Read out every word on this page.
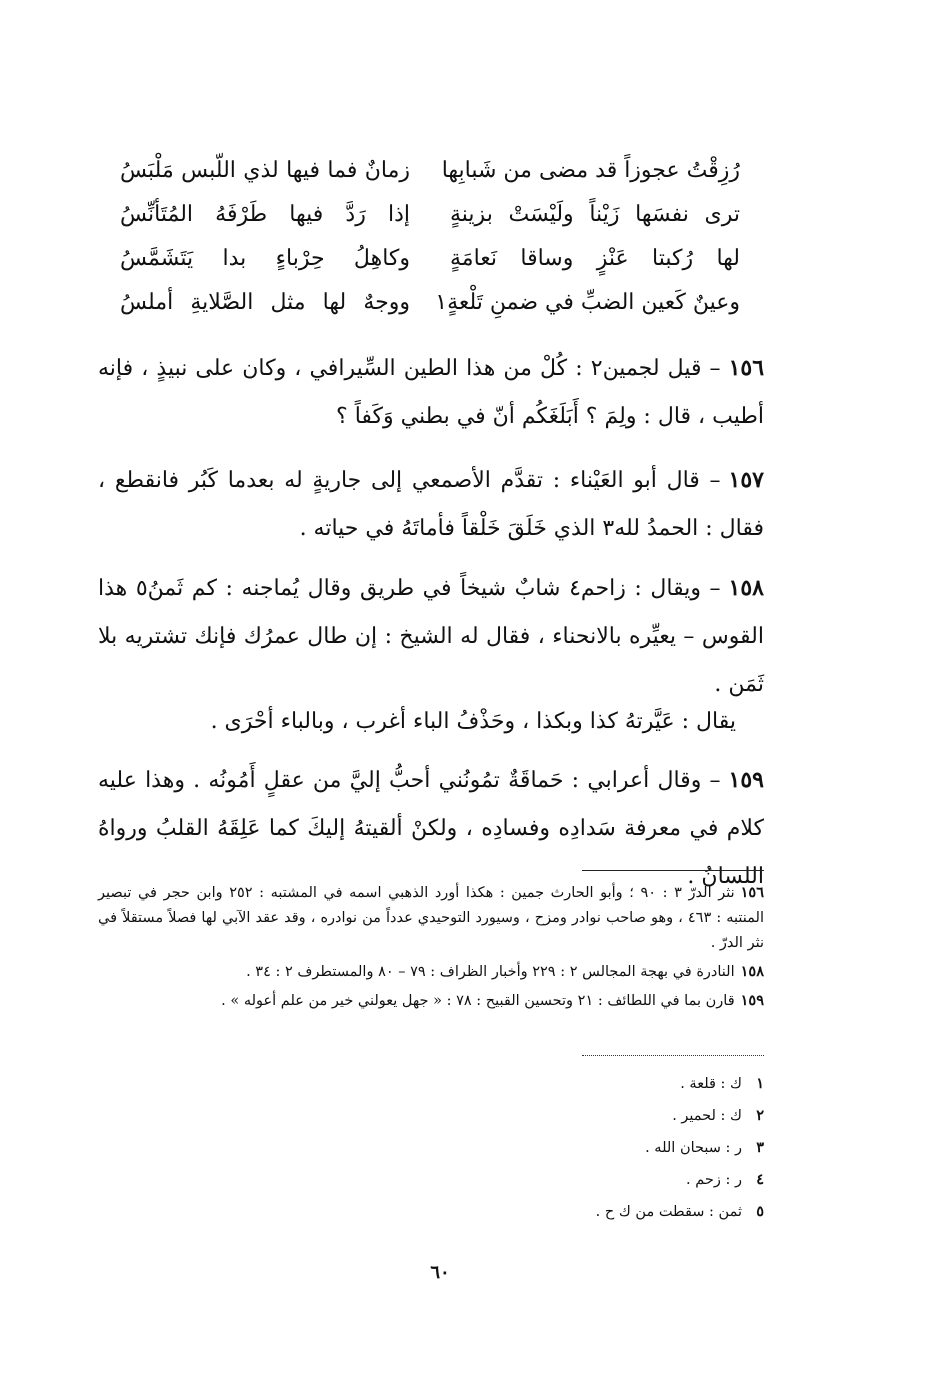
رُزِقْتُ عجوزاً قد مضى من شَبابِها
زمانٌ فما فيها لذي اللّبس مَلْبَسُ
ترى نفسَها زَيْناً ولَيْسَتْ بزينةٍ
إذا رَدَّ فيها طَرْفَهُ المُتَأنِّسُ
لها رُكبتا عَنْزٍ وساقا نَعامَةٍ
وكاهِلُ حِرْباءٍ بدا يَتَشَمَّسُ
وعينٌ كَعين الضبِّ في ضمنِ تَلْعةٍ١
ووجهٌ لها مثل الصَّلايةِ أملسُ
١٥٦– قيل لجمين٢ : كُلْ من هذا الطين السِّيرافي ، وكان على نبيذٍ ، فإنه أطيب ، قال : ولِمَ ؟ أَبَلَغَكُم أنّ في بطني وَكَفاً ؟
١٥٧– قال أبو العَيْناء : تقدَّم الأصمعي إلى جاريةٍ له بعدما كَبُر فانقطع ، فقال : الحمدُ لله٣ الذي خَلَقَ خَلْقاً فأماتَهُ في حياته .
١٥٨– ويقال : زاحم٤ شابٌ شيخاً في طريق وقال يُماجنه : كم ثَمنُ٥ هذا القوس – يعيِّره بالانحناء ، فقال له الشيخ : إن طال عمرُك فإنك تشتريه بلا ثَمَن .
يقال : عَيَّرتهُ كذا وبكذا ، وحَذْفُ الباء أغرب ، وبالباء أحْرَى .
١٥٩– وقال أعرابي : حَماقَةٌ تمُونُني أحبُّ إليَّ من عقلٍ أَمُونُه . وهذا عليه كلام في معرفة سَدادِه وفسادِه ، ولكنْ ألقيتهُ إليكَ كما عَلِقَهُ القلبُ ورواهُ اللسانُ .
١٥٦نثر الدرّ ٣ : ٩٠ ؛ وأبو الحارث جمين : هكذا أورد الذهبي اسمه في المشتبه : ٢٥٢ وابن حجر في تبصير المنتبه : ٤٦٣ ، وهو صاحب نوادر ومزح ، وسيورد التوحيدي عدداً من نوادره ، وقد عقد الآبي لها فصلاً مستقلاً في نثر الدرّ .
١٥٨النادرة في بهجة المجالس ٢ : ٢٢٩ وأخبار الظراف : ٧٩ – ٨٠ والمستطرف ٢ : ٣٤ .
١٥٩قارن بما في اللطائف : ٢١ وتحسين القبيح : ٧٨ : « جهل يعولني خير من علم أعوله » .
١ك : قلعة .
٢ك : لحمير .
٣ر : سبحان الله .
٤ر : زحم .
٥ثمن : سقطت من ك ح .
٦٠
